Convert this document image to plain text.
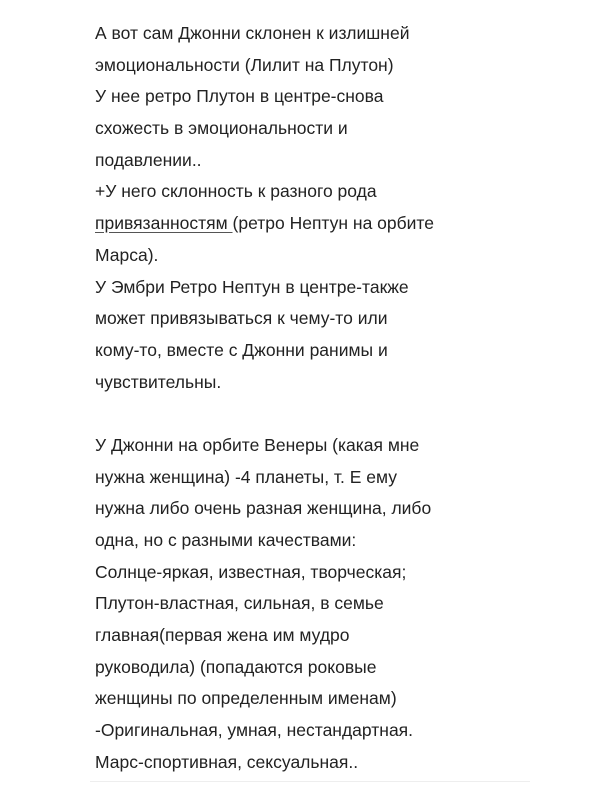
А вот сам Джонни склонен к излишней
эмоциональности (Лилит на Плутон)
У нее ретро Плутон в центре-снова
схожесть в эмоциональности и
подавлении..
+У него склонность к разного рода
привязанностям (ретро Нептун на орбите
Марса).
У Эмбри Ретро Нептун в центре-также
может привязываться к чему-то или
кому-то, вместе с Джонни ранимы и
чувствительны.
У Джонни на орбите Венеры (какая мне
нужна женщина) -4 планеты, т. Е ему
нужна либо очень разная женщина, либо
одна, но с разными качествами:
Солнце-яркая, известная, творческая;
Плутон-властная, сильная, в семье
главная(первая жена им мудро
руководила) (попадаются роковые
женщины по определенным именам)
-Оригинальная, умная, нестандартная.
Марс-спортивная, сексуальная..
